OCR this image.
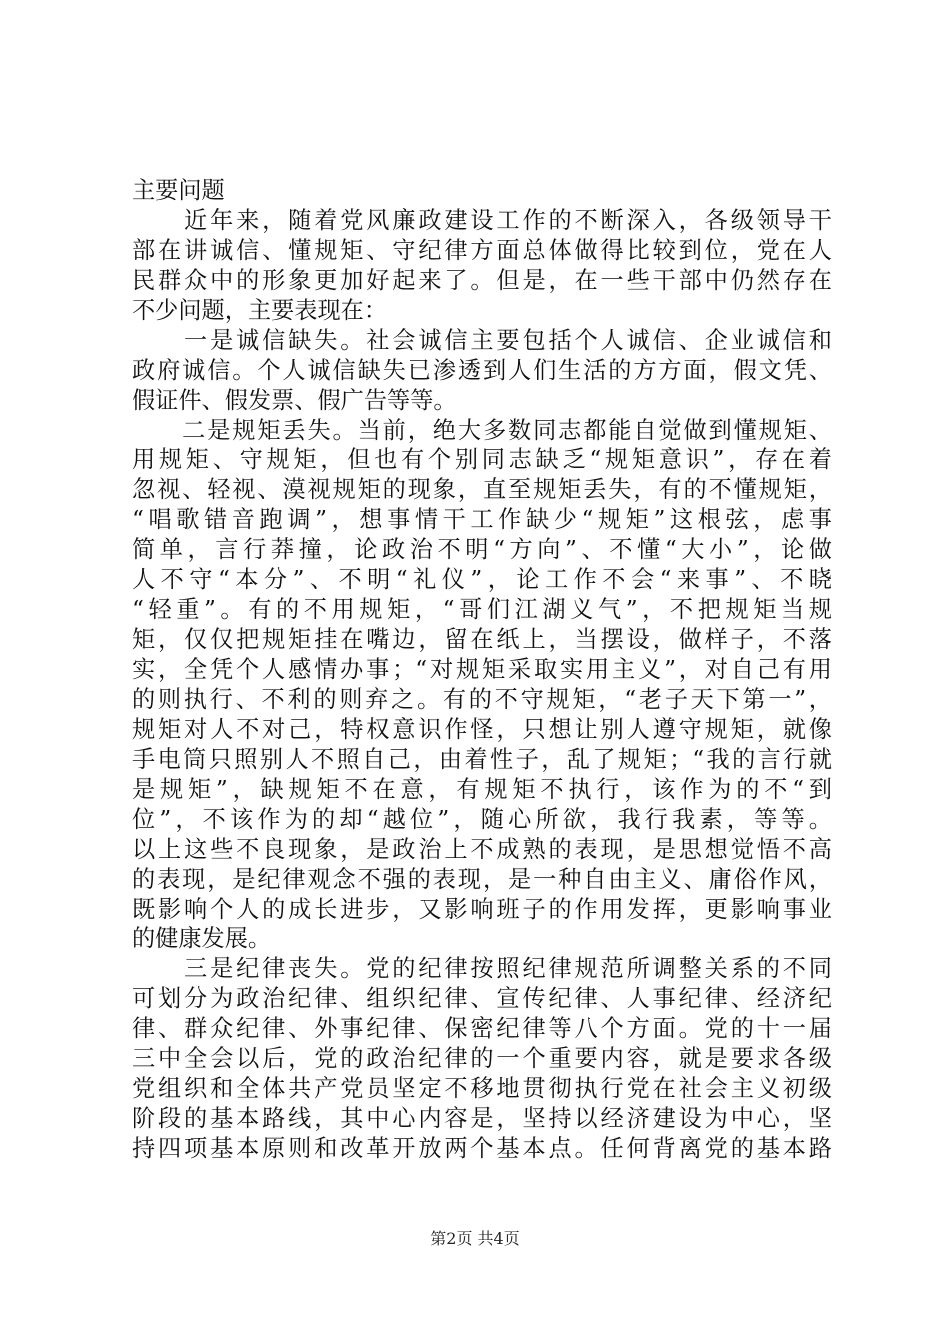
主要问题
　　近年来，随着党风廉政建设工作的不断深入，各级领导干
部在讲诚信、懂规矩、守纪律方面总体做得比较到位，党在人
民群众中的形象更加好起来了。但是，在一些干部中仍然存在
不少问题，主要表现在：
　　一是诚信缺失。社会诚信主要包括个人诚信、企业诚信和
政府诚信。个人诚信缺失已渗透到人们生活的方方面，假文凭、
假证件、假发票、假广告等等。
　　二是规矩丢失。当前，绝大多数同志都能自觉做到懂规矩、
用规矩、守规矩，但也有个别同志缺乏“规矩意识”，存在着
忽视、轻视、漠视规矩的现象，直至规矩丢失，有的不懂规矩，
“唱歌错音跑调”，想事情干工作缺少“规矩”这根弦，虑事
简单，言行莽撞，论政治不明“方向”、不懂“大小”，论做
人不守“本分”、不明“礼仪”，论工作不会“来事”、不晓
“轻重”。有的不用规矩，“哥们江湖义气”，不把规矩当规
矩，仅仅把规矩挂在嘴边，留在纸上，当摆设，做样子，不落
实，全凭个人感情办事；“对规矩采取实用主义”，对自己有用
的则执行、不利的则弃之。有的不守规矩，“老子天下第一”，
规矩对人不对己，特权意识作怪，只想让别人遵守规矩，就像
手电筒只照别人不照自己，由着性子，乱了规矩；“我的言行就
是规矩”，缺规矩不在意，有规矩不执行，该作为的不“到
位”，不该作为的却“越位”，随心所欲，我行我素，等等。
以上这些不良现象，是政治上不成熟的表现，是思想觉悟不高
的表现，是纪律观念不强的表现，是一种自由主义、庸俗作风，
既影响个人的成长进步，又影响班子的作用发挥，更影响事业
的健康发展。
　　三是纪律丧失。党的纪律按照纪律规范所调整关系的不同
可划分为政治纪律、组织纪律、宣传纪律、人事纪律、经济纪
律、群众纪律、外事纪律、保密纪律等八个方面。党的十一届
三中全会以后，党的政治纪律的一个重要内容，就是要求各级
党组织和全体共产党员坚定不移地贯彻执行党在社会主义初级
阶段的基本路线，其中心内容是，坚持以经济建设为中心，坚
持四项基本原则和改革开放两个基本点。任何背离党的基本路
第2页 共4页
